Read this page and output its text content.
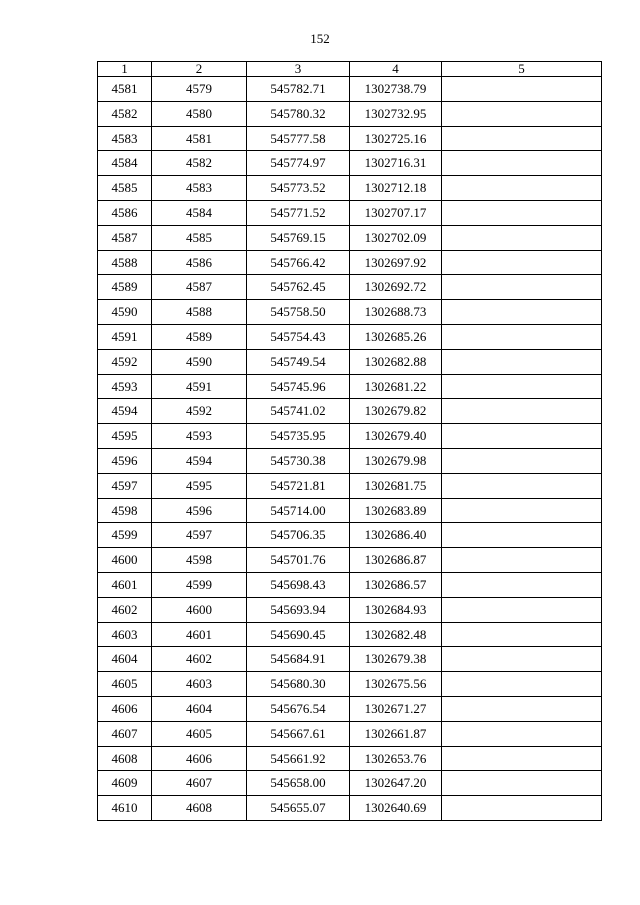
152
1	2	3	4	5
4581	4579	545782.71	1302738.79	
4582	4580	545780.32	1302732.95	
4583	4581	545777.58	1302725.16	
4584	4582	545774.97	1302716.31	
4585	4583	545773.52	1302712.18	
4586	4584	545771.52	1302707.17	
4587	4585	545769.15	1302702.09	
4588	4586	545766.42	1302697.92	
4589	4587	545762.45	1302692.72	
4590	4588	545758.50	1302688.73	
4591	4589	545754.43	1302685.26	
4592	4590	545749.54	1302682.88	
4593	4591	545745.96	1302681.22	
4594	4592	545741.02	1302679.82	
4595	4593	545735.95	1302679.40	
4596	4594	545730.38	1302679.98	
4597	4595	545721.81	1302681.75	
4598	4596	545714.00	1302683.89	
4599	4597	545706.35	1302686.40	
4600	4598	545701.76	1302686.87	
4601	4599	545698.43	1302686.57	
4602	4600	545693.94	1302684.93	
4603	4601	545690.45	1302682.48	
4604	4602	545684.91	1302679.38	
4605	4603	545680.30	1302675.56	
4606	4604	545676.54	1302671.27	
4607	4605	545667.61	1302661.87	
4608	4606	545661.92	1302653.76	
4609	4607	545658.00	1302647.20	
4610	4608	545655.07	1302640.69	
